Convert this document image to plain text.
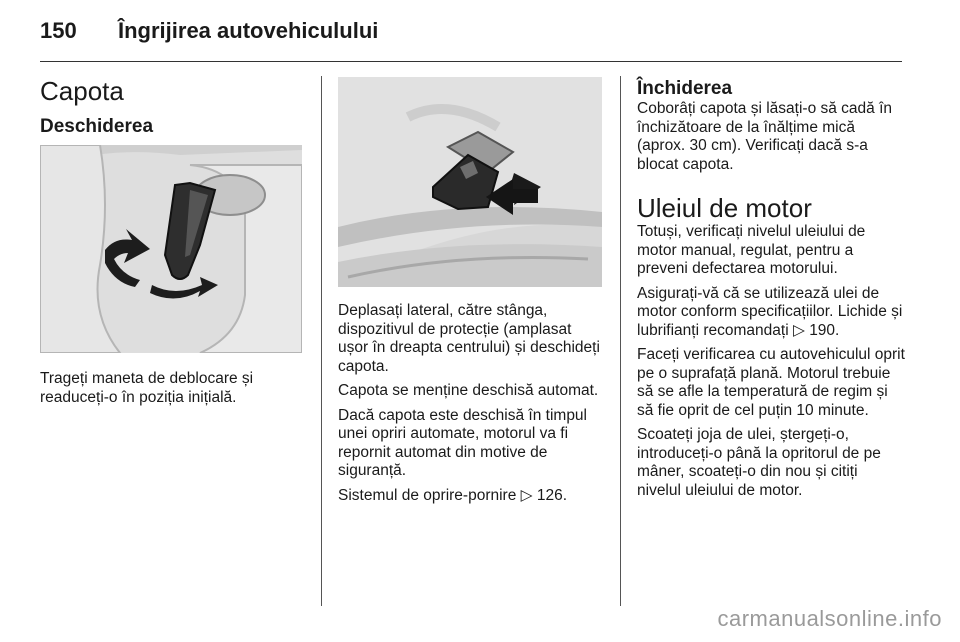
150 Îngrijirea autovehiculului
Capota
Deschiderea

Trageți maneta de deblocare și readuceți-o în poziția inițială.

Deplasați lateral, către stânga, dispozitivul de protecție (amplasat ușor în dreapta centrului) și deschideți capota.

Capota se menține deschisă automat.

Dacă capota este deschisă în timpul unei opriri automate, motorul va fi repornit automat din motive de siguranță.

Sistemul de oprire-pornire ▷ 126.

Închiderea

Coborâți capota și lăsați-o să cadă în închizătoare de la înălțime mică (aprox. 30 cm). Verificați dacă s-a blocat capota.

Uleiul de motor

Totuși, verificați nivelul uleiului de motor manual, regulat, pentru a preveni defectarea motorului.

Asigurați-vă că se utilizează ulei de motor conform specificațiilor. Lichide și lubrifianți recomandați ▷ 190.

Faceți verificarea cu autovehiculul oprit pe o suprafață plană. Motorul trebuie să se afle la temperatură de regim și să fie oprit de cel puțin 10 minute.

Scoateți joja de ulei, ștergeți-o, introduceți-o până la opritorul de pe mâner, scoateți-o din nou și citiți nivelul uleiului de motor.

carmanualsonline.info
